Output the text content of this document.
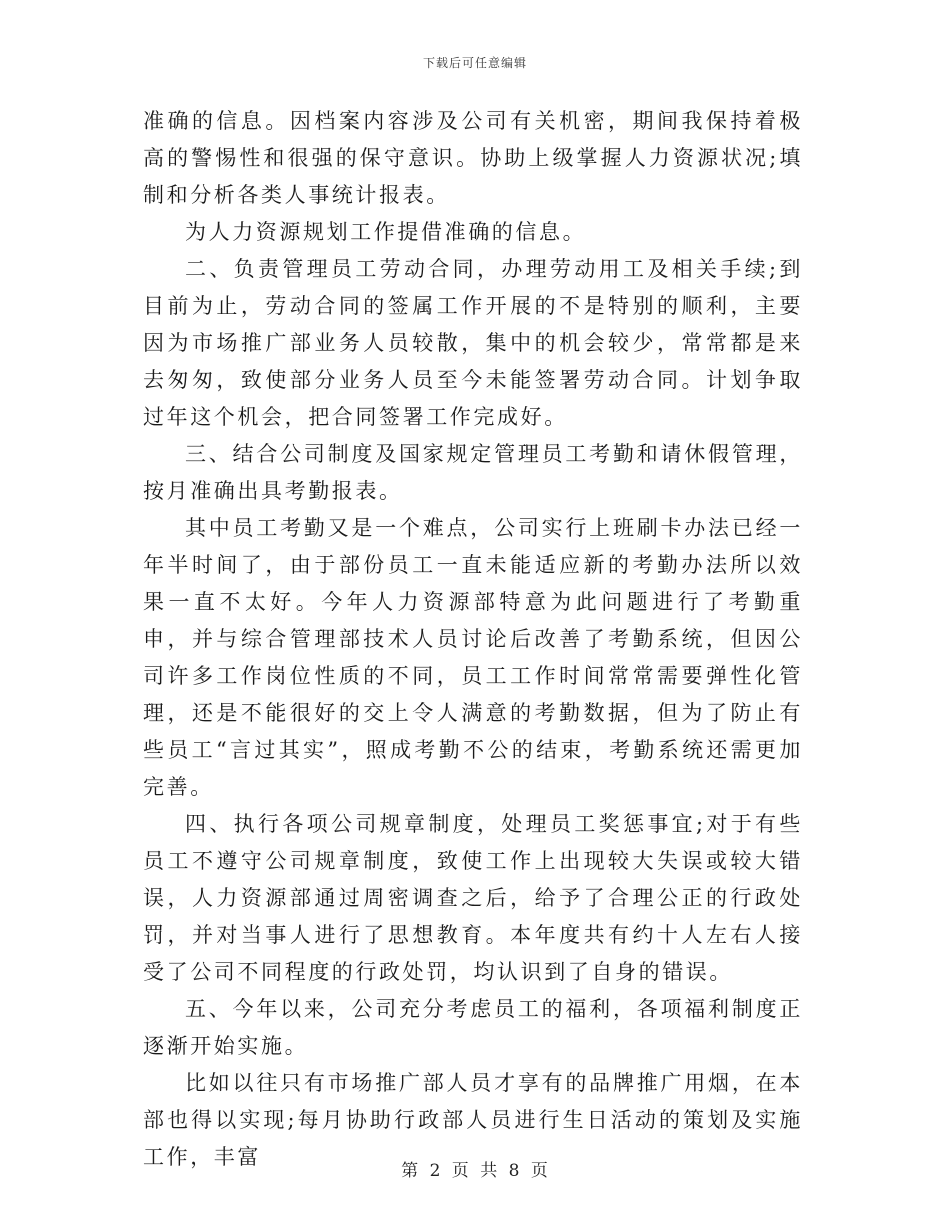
下载后可任意编辑

准确的信息。因档案内容涉及公司有关机密，期间我保持着极高的警惕性和很强的保守意识。协助上级掌握人力资源状况;填制和分析各类人事统计报表。

为人力资源规划工作提借准确的信息。

二、负责管理员工劳动合同，办理劳动用工及相关手续;到目前为止，劳动合同的签属工作开展的不是特别的顺利，主要因为市场推广部业务人员较散，集中的机会较少，常常都是来去匆匆，致使部分业务人员至今未能签署劳动合同。计划争取过年这个机会，把合同签署工作完成好。

三、结合公司制度及国家规定管理员工考勤和请休假管理，按月准确出具考勤报表。

其中员工考勤又是一个难点，公司实行上班刷卡办法已经一年半时间了，由于部份员工一直未能适应新的考勤办法所以效果一直不太好。今年人力资源部特意为此问题进行了考勤重申，并与综合管理部技术人员讨论后改善了考勤系统，但因公司许多工作岗位性质的不同，员工工作时间常常需要弹性化管理，还是不能很好的交上令人满意的考勤数据，但为了防止有些员工“言过其实”，照成考勤不公的结束，考勤系统还需更加完善。

四、执行各项公司规章制度，处理员工奖惩事宜;对于有些员工不遵守公司规章制度，致使工作上出现较大失误或较大错误，人力资源部通过周密调查之后，给予了合理公正的行政处罚，并对当事人进行了思想教育。本年度共有约十人左右人接受了公司不同程度的行政处罚，均认识到了自身的错误。

五、今年以来，公司充分考虑员工的福利，各项福利制度正逐渐开始实施。

比如以往只有市场推广部人员才享有的品牌推广用烟，在本部也得以实现;每月协助行政部人员进行生日活动的策划及实施工作，丰富

第 2 页 共 8 页
